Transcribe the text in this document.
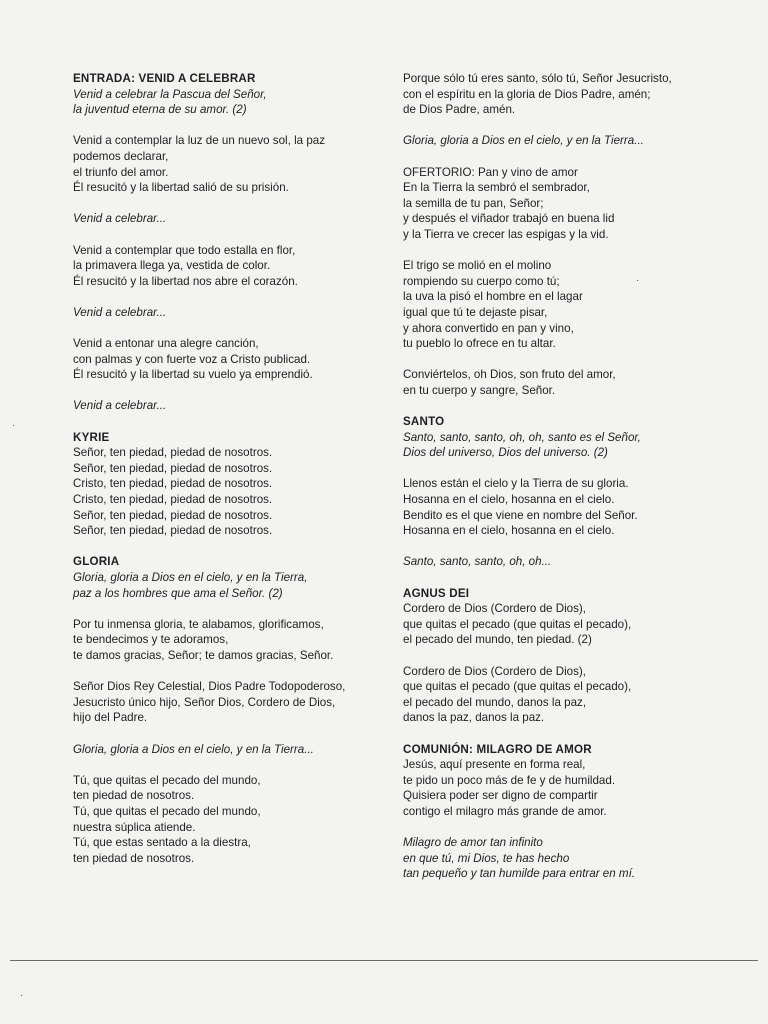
ENTRADA: VENID A CELEBRAR
Venid a celebrar la Pascua del Señor,
la juventud eterna de su amor. (2)
Venid a contemplar la luz de un nuevo sol, la paz
podemos declarar,
el triunfo del amor.
Él resucitó y la libertad salió de su prisión.
Venid a celebrar...
Venid a contemplar que todo estalla en flor,
la primavera llega ya, vestida de color.
Él resucitó y la libertad nos abre el corazón.
Venid a celebrar...
Venid a entonar una alegre canción,
con palmas y con fuerte voz a Cristo publicad.
Él resucitó y la libertad su vuelo ya emprendió.
Venid a celebrar...
KYRIE
Señor, ten piedad, piedad de nosotros.
Señor, ten piedad, piedad de nosotros.
Cristo, ten piedad, piedad de nosotros.
Cristo, ten piedad, piedad de nosotros.
Señor, ten piedad, piedad de nosotros.
Señor, ten piedad, piedad de nosotros.
GLORIA
Gloria, gloria a Dios en el cielo, y en la Tierra,
paz a los hombres que ama el Señor. (2)
Por tu inmensa gloria, te alabamos, glorificamos,
te bendecimos y te adoramos,
te damos gracias, Señor; te damos gracias, Señor.
Señor Dios Rey Celestial, Dios Padre Todopoderoso,
Jesucristo único hijo, Señor Dios, Cordero de Dios,
hijo del Padre.
Gloria, gloria a Dios en el cielo, y en la Tierra...
Tú, que quitas el pecado del mundo,
ten piedad de nosotros.
Tú, que quitas el pecado del mundo,
nuestra súplica atiende.
Tú, que estas sentado a la diestra,
ten piedad de nosotros.
Porque sólo tú eres santo, sólo tú, Señor Jesucristo,
con el espíritu en la gloria de Dios Padre, amén;
de Dios Padre, amén.
Gloria, gloria a Dios en el cielo, y en la Tierra...
OFERTORIO: Pan y vino de amor
En la Tierra la sembró el sembrador,
la semilla de tu pan, Señor;
y después el viñador trabajó en buena lid
y la Tierra ve crecer las espigas y la vid.
El trigo se molió en el molino
rompiendo su cuerpo como tú;
la uva la pisó el hombre en el lagar
igual que tú te dejaste pisar,
y ahora convertido en pan y vino,
tu pueblo lo ofrece en tu altar.
Conviértelos, oh Dios, son fruto del amor,
en tu cuerpo y sangre, Señor.
SANTO
Santo, santo, santo, oh, oh, santo es el Señor,
Dios del universo, Dios del universo. (2)
Llenos están el cielo y la Tierra de su gloria.
Hosanna en el cielo, hosanna en el cielo.
Bendito es el que viene en nombre del Señor.
Hosanna en el cielo, hosanna en el cielo.
Santo, santo, santo, oh, oh...
AGNUS DEI
Cordero de Dios (Cordero de Dios),
que quitas el pecado (que quitas el pecado),
el pecado del mundo, ten piedad. (2)
Cordero de Dios (Cordero de Dios),
que quitas el pecado (que quitas el pecado),
el pecado del mundo, danos la paz,
danos la paz, danos la paz.
COMUNIÓN: MILAGRO DE AMOR
Jesús, aquí presente en forma real,
te pido un poco más de fe y de humildad.
Quisiera poder ser digno de compartir
contigo el milagro más grande de amor.
Milagro de amor tan infinito
en que tú, mi Dios, te has hecho
tan pequeño y tan humilde para entrar en mí.
·
·
·
